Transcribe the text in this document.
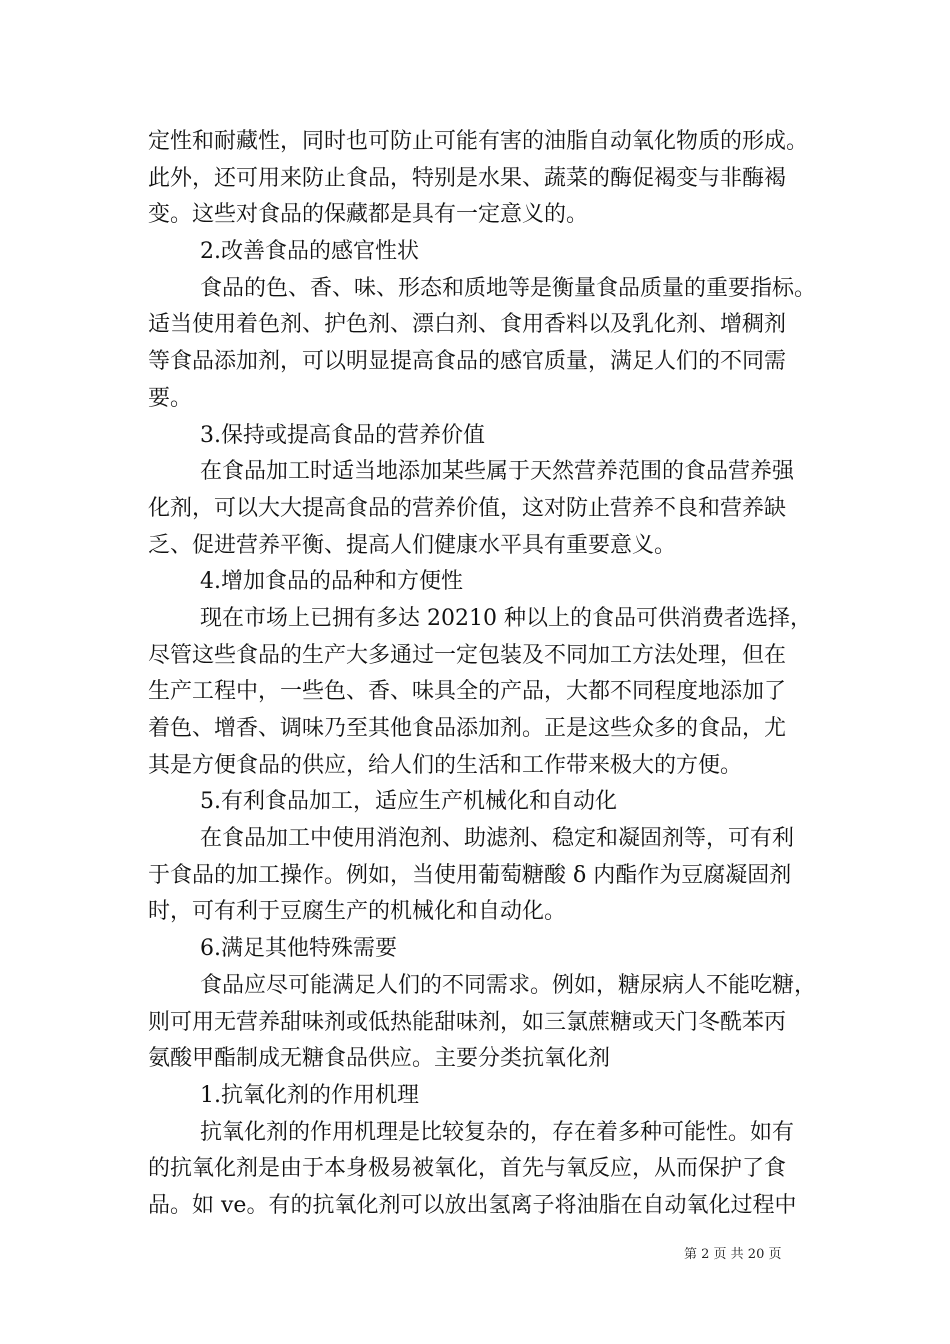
定性和耐藏性，同时也可防止可能有害的油脂自动氧化物质的形成。
此外，还可用来防止食品，特别是水果、蔬菜的酶促褐变与非酶褐
变。这些对食品的保藏都是具有一定意义的。
2.改善食品的感官性状
食品的色、香、味、形态和质地等是衡量食品质量的重要指标。
适当使用着色剂、护色剂、漂白剂、食用香料以及乳化剂、增稠剂
等食品添加剂，可以明显提高食品的感官质量，满足人们的不同需
要。
3.保持或提高食品的营养价值
在食品加工时适当地添加某些属于天然营养范围的食品营养强
化剂，可以大大提高食品的营养价值，这对防止营养不良和营养缺
乏、促进营养平衡、提高人们健康水平具有重要意义。
4.增加食品的品种和方便性
现在市场上已拥有多达 20210 种以上的食品可供消费者选择，
尽管这些食品的生产大多通过一定包装及不同加工方法处理，但在
生产工程中，一些色、香、味具全的产品，大都不同程度地添加了
着色、增香、调味乃至其他食品添加剂。正是这些众多的食品，尤
其是方便食品的供应，给人们的生活和工作带来极大的方便。
5.有利食品加工，适应生产机械化和自动化
在食品加工中使用消泡剂、助滤剂、稳定和凝固剂等，可有利
于食品的加工操作。例如，当使用葡萄糖酸 δ 内酯作为豆腐凝固剂
时，可有利于豆腐生产的机械化和自动化。
6.满足其他特殊需要
食品应尽可能满足人们的不同需求。例如，糖尿病人不能吃糖，
则可用无营养甜味剂或低热能甜味剂，如三氯蔗糖或天门冬酰苯丙
氨酸甲酯制成无糖食品供应。主要分类抗氧化剂
1.抗氧化剂的作用机理
抗氧化剂的作用机理是比较复杂的，存在着多种可能性。如有
的抗氧化剂是由于本身极易被氧化，首先与氧反应，从而保护了食
品。如 ve。有的抗氧化剂可以放出氢离子将油脂在自动氧化过程中
第 2 页 共 20 页
